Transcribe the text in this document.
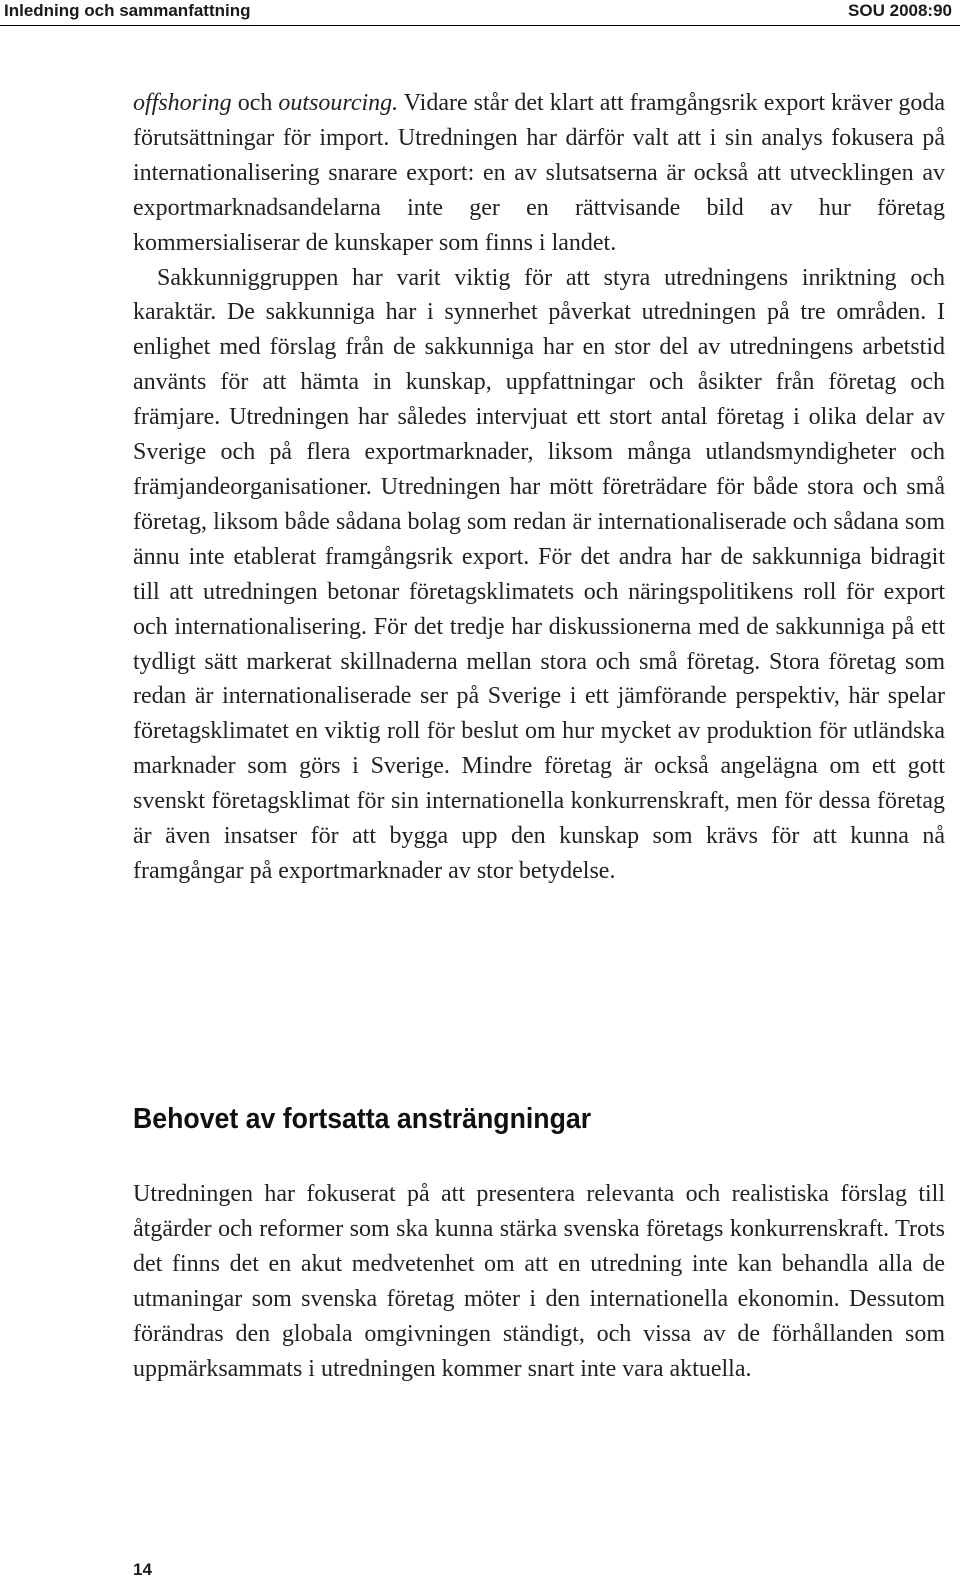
Inledning och sammanfattning	SOU 2008:90

offshoring och outsourcing. Vidare står det klart att framgångsrik export kräver goda förutsättningar för import. Utredningen har därför valt att i sin analys fokusera på internationalisering snarare export: en av slutsatserna är också att utvecklingen av exportmarknadsandelarna inte ger en rättvisande bild av hur företag kommersialiserar de kunskaper som finns i landet.

Sakkunniggruppen har varit viktig för att styra utredningens inriktning och karaktär. De sakkunniga har i synnerhet påverkat utredningen på tre områden. I enlighet med förslag från de sakkunniga har en stor del av utredningens arbetstid använts för att hämta in kunskap, uppfattningar och åsikter från företag och främjare. Utredningen har således intervjuat ett stort antal företag i olika delar av Sverige och på flera exportmarknader, liksom många utlandsmyndigheter och främjandeorganisationer. Utredningen har mött företrädare för både stora och små företag, liksom både sådana bolag som redan är internationaliserade och sådana som ännu inte etablerat framgångsrik export. För det andra har de sakkunniga bidragit till att utredningen betonar företagsklimatets och näringspolitikens roll för export och internationalisering. För det tredje har diskussionerna med de sakkunniga på ett tydligt sätt markerat skillnaderna mellan stora och små företag. Stora företag som redan är internationaliserade ser på Sverige i ett jämförande perspektiv, här spelar företagsklimatet en viktig roll för beslut om hur mycket av produktion för utländska marknader som görs i Sverige. Mindre företag är också angelägna om ett gott svenskt företagsklimat för sin internationella konkurrenskraft, men för dessa företag är även insatser för att bygga upp den kunskap som krävs för att kunna nå framgångar på exportmarknader av stor betydelse.

Behovet av fortsatta ansträngningar

Utredningen har fokuserat på att presentera relevanta och realistiska förslag till åtgärder och reformer som ska kunna stärka svenska företags konkurrenskraft. Trots det finns det en akut medvetenhet om att en utredning inte kan behandla alla de utmaningar som svenska företag möter i den internationella ekonomin. Dessutom förändras den globala omgivningen ständigt, och vissa av de förhållanden som uppmärksammats i utredningen kommer snart inte vara aktuella.

14
